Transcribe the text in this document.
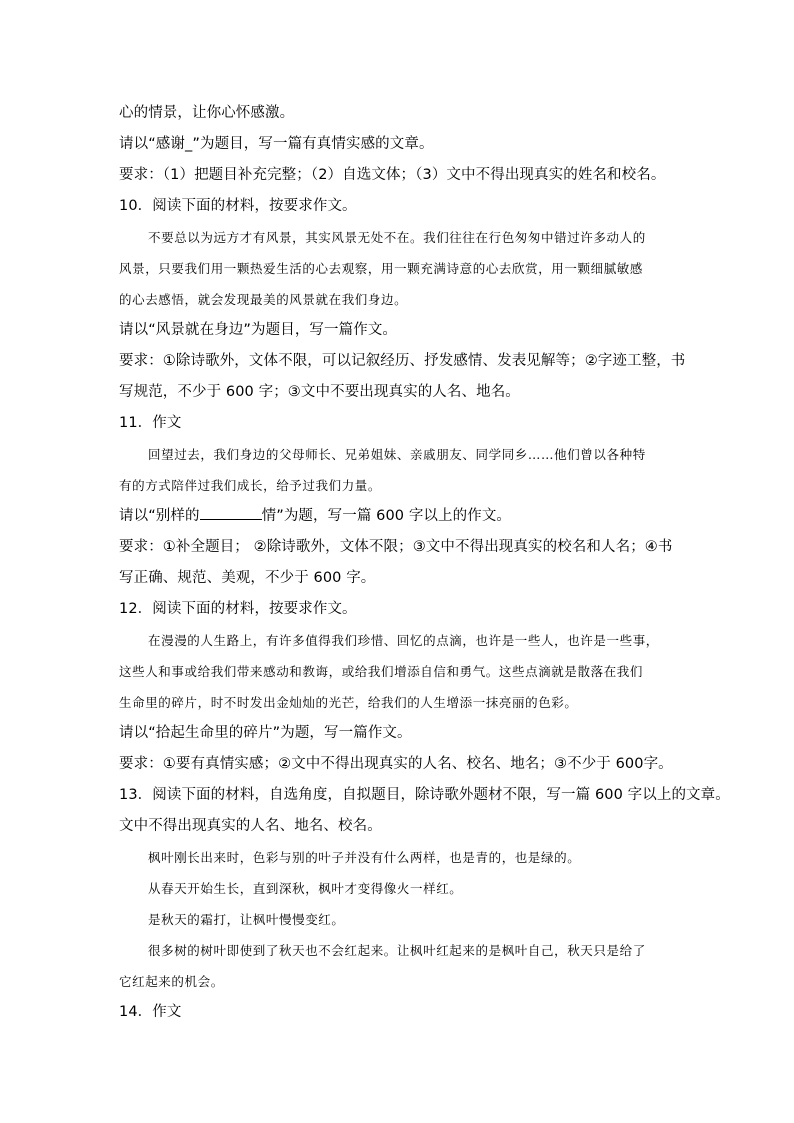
心的情景，让你心怀感激。
请以“感谢_”为题目，写一篇有真情实感的文章。
要求：（1）把题目补充完整；（2）自选文体；（3）文中不得出现真实的姓名和校名。
10．阅读下面的材料，按要求作文。
不要总以为远方才有风景，其实风景无处不在。我们往往在行色匆匆中错过许多动人的
风景，只要我们用一颗热爱生活的心去观察，用一颗充满诗意的心去欣赏，用一颗细腻敏感
的心去感悟，就会发现最美的风景就在我们身边。
请以“风景就在身边”为题目，写一篇作文。
要求：①除诗歌外，文体不限，可以记叙经历、抒发感情、发表见解等；②字迹工整，书
写规范，不少于 600 字；③文中不要出现真实的人名、地名。
11．作文
回望过去，我们身边的父母师长、兄弟姐妹、亲戚朋友、同学同乡……他们曾以各种特
有的方式陪伴过我们成长，给予过我们力量。
请以“别样的	情”为题，写一篇 600 字以上的作文。
要求：①补全题目； ②除诗歌外，文体不限；③文中不得出现真实的校名和人名；④书
写正确、规范、美观，不少于 600 字。
12．阅读下面的材料，按要求作文。
在漫漫的人生路上，有许多值得我们珍惜、回忆的点滴，也许是一些人，也许是一些事，
这些人和事或给我们带来感动和教诲，或给我们增添自信和勇气。这些点滴就是散落在我们
生命里的碎片，时不时发出金灿灿的光芒，给我们的人生增添一抹亮丽的色彩。
请以“拾起生命里的碎片”为题，写一篇作文。
要求：①要有真情实感；②文中不得出现真实的人名、校名、地名；③不少于 600字。
13．阅读下面的材料，自选角度，自拟题目，除诗歌外题材不限，写一篇 600 字以上的文章。
文中不得出现真实的人名、地名、校名。
枫叶刚长出来时，色彩与别的叶子并没有什么两样，也是青的，也是绿的。
从春天开始生长，直到深秋，枫叶才变得像火一样红。
是秋天的霜打，让枫叶慢慢变红。
很多树的树叶即使到了秋天也不会红起来。让枫叶红起来的是枫叶自己，秋天只是给了
它红起来的机会。
14．作文
